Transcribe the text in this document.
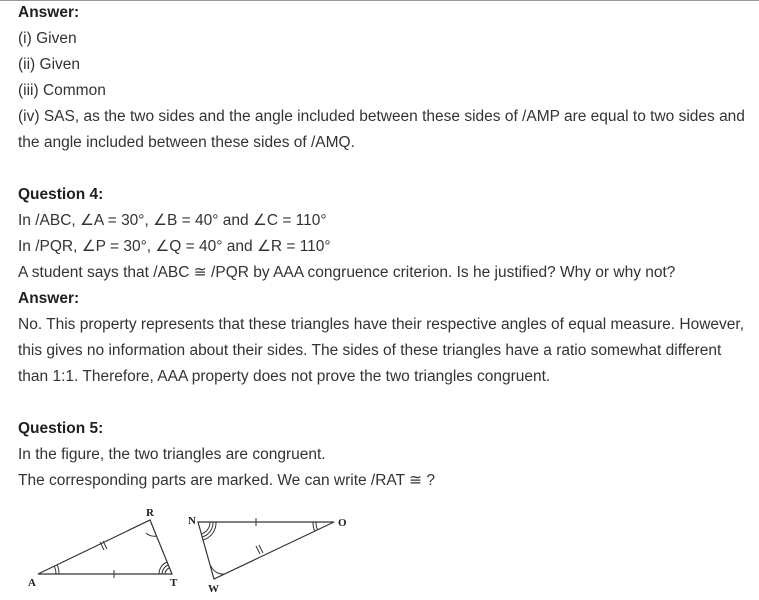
Answer:

(i) Given

(ii) Given

(iii) Common

(iv) SAS, as the two sides and the angle included between these sides of /AMP are equal to two sides and the angle included between these sides of /AMQ.

Question 4:

In /ABC, ∠A = 30°, ∠B = 40° and ∠C = 110°

In /PQR, ∠P = 30°, ∠Q = 40° and ∠R = 110°

A student says that /ABC ≅ /PQR by AAA congruence criterion. Is he justified? Why or why not?

Answer:

No. This property represents that these triangles have their respective angles of equal measure. However, this gives no information about their sides. The sides of these triangles have a ratio somewhat different than 1:1. Therefore, AAA property does not prove the two triangles congruent.

Question 5:

In the figure, the two triangles are congruent.

The corresponding parts are marked. We can write /RAT ≅ ?

A
R
T
N	O
W
